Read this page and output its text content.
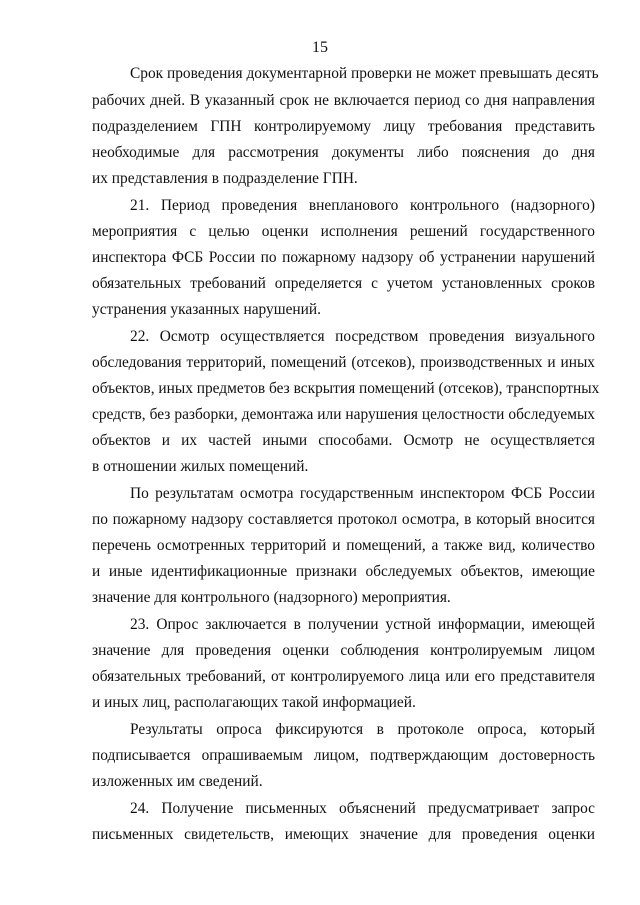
15
Срок проведения документарной проверки не может превышать десять
рабочих дней. В указанный срок не включается период со дня направления
подразделением ГПН контролируемому лицу требования представить
необходимые для рассмотрения документы либо пояснения до дня
их представления в подразделение ГПН.
21. Период проведения внепланового контрольного (надзорного)
мероприятия с целью оценки исполнения решений государственного
инспектора ФСБ России по пожарному надзору об устранении нарушений
обязательных требований определяется с учетом установленных сроков
устранения указанных нарушений.
22. Осмотр осуществляется посредством проведения визуального
обследования территорий, помещений (отсеков), производственных и иных
объектов, иных предметов без вскрытия помещений (отсеков), транспортных
средств, без разборки, демонтажа или нарушения целостности обследуемых
объектов и их частей иными способами. Осмотр не осуществляется
в отношении жилых помещений.
По результатам осмотра государственным инспектором ФСБ России
по пожарному надзору составляется протокол осмотра, в который вносится
перечень осмотренных территорий и помещений, а также вид, количество
и иные идентификационные признаки обследуемых объектов, имеющие
значение для контрольного (надзорного) мероприятия.
23. Опрос заключается в получении устной информации, имеющей
значение для проведения оценки соблюдения контролируемым лицом
обязательных требований, от контролируемого лица или его представителя
и иных лиц, располагающих такой информацией.
Результаты опроса фиксируются в протоколе опроса, который
подписывается опрашиваемым лицом, подтверждающим достоверность
изложенных им сведений.
24. Получение письменных объяснений предусматривает запрос
письменных свидетельств, имеющих значение для проведения оценки
